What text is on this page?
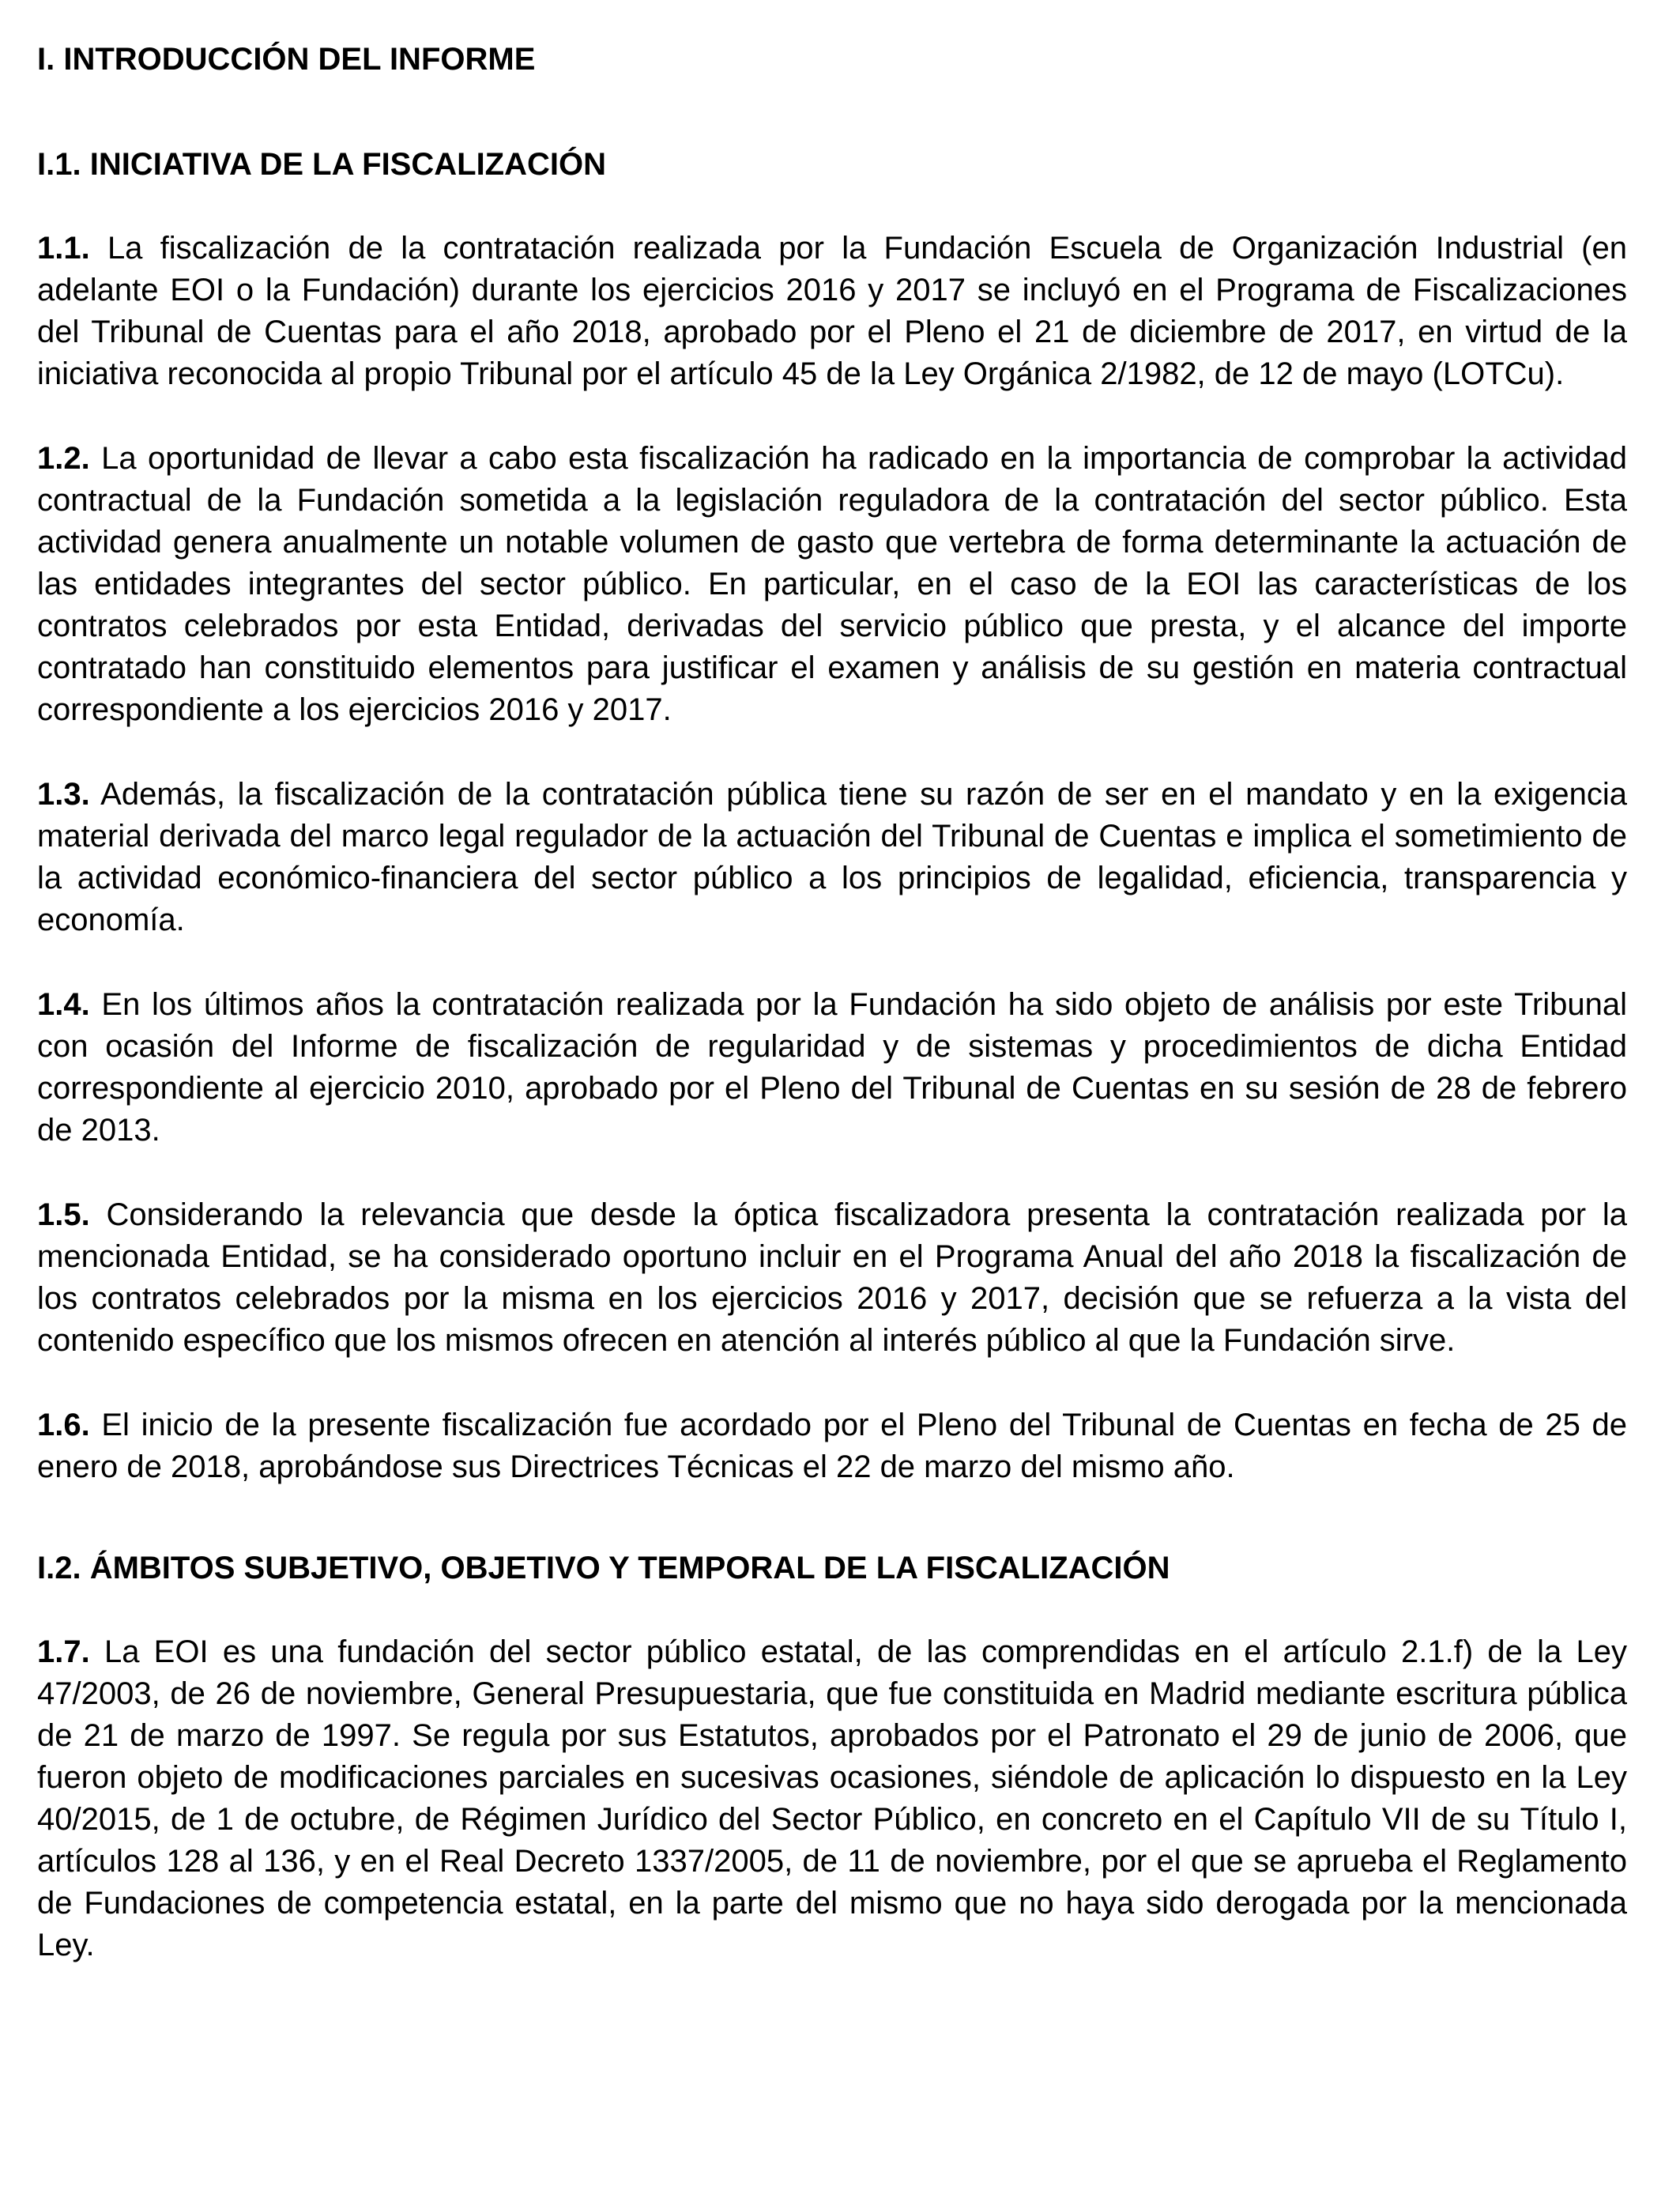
I. INTRODUCCIÓN DEL INFORME
I.1. INICIATIVA DE LA FISCALIZACIÓN

1.1. La fiscalización de la contratación realizada por la Fundación Escuela de Organización Industrial (en adelante EOI o la Fundación) durante los ejercicios 2016 y 2017 se incluyó en el Programa de Fiscalizaciones del Tribunal de Cuentas para el año 2018, aprobado por el Pleno el 21 de diciembre de 2017, en virtud de la iniciativa reconocida al propio Tribunal por el artículo 45 de la Ley Orgánica 2/1982, de 12 de mayo (LOTCu).

1.2. La oportunidad de llevar a cabo esta fiscalización ha radicado en la importancia de comprobar la actividad contractual de la Fundación sometida a la legislación reguladora de la contratación del sector público. Esta actividad genera anualmente un notable volumen de gasto que vertebra de forma determinante la actuación de las entidades integrantes del sector público. En particular, en el caso de la EOI las características de los contratos celebrados por esta Entidad, derivadas del servicio público que presta, y el alcance del importe contratado han constituido elementos para justificar el examen y análisis de su gestión en materia contractual correspondiente a los ejercicios 2016 y 2017.

1.3. Además, la fiscalización de la contratación pública tiene su razón de ser en el mandato y en la exigencia material derivada del marco legal regulador de la actuación del Tribunal de Cuentas e implica el sometimiento de la actividad económico-financiera del sector público a los principios de legalidad, eficiencia, transparencia y economía.

1.4. En los últimos años la contratación realizada por la Fundación ha sido objeto de análisis por este Tribunal con ocasión del Informe de fiscalización de regularidad y de sistemas y procedimientos de dicha Entidad correspondiente al ejercicio 2010, aprobado por el Pleno del Tribunal de Cuentas en su sesión de 28 de febrero de 2013.

1.5. Considerando la relevancia que desde la óptica fiscalizadora presenta la contratación realizada por la mencionada Entidad, se ha considerado oportuno incluir en el Programa Anual del año 2018 la fiscalización de los contratos celebrados por la misma en los ejercicios 2016 y 2017, decisión que se refuerza a la vista del contenido específico que los mismos ofrecen en atención al interés público al que la Fundación sirve.

1.6. El inicio de la presente fiscalización fue acordado por el Pleno del Tribunal de Cuentas en fecha de 25 de enero de 2018, aprobándose sus Directrices Técnicas el 22 de marzo del mismo año.

I.2. ÁMBITOS SUBJETIVO, OBJETIVO Y TEMPORAL DE LA FISCALIZACIÓN

1.7. La EOI es una fundación del sector público estatal, de las comprendidas en el artículo 2.1.f) de la Ley 47/2003, de 26 de noviembre, General Presupuestaria, que fue constituida en Madrid mediante escritura pública de 21 de marzo de 1997. Se regula por sus Estatutos, aprobados por el Patronato el 29 de junio de 2006, que fueron objeto de modificaciones parciales en sucesivas ocasiones, siéndole de aplicación lo dispuesto en la Ley 40/2015, de 1 de octubre, de Régimen Jurídico del Sector Público, en concreto en el Capítulo VII de su Título I, artículos 128 al 136, y en el Real Decreto 1337/2005, de 11 de noviembre, por el que se aprueba el Reglamento de Fundaciones de competencia estatal, en la parte del mismo que no haya sido derogada por la mencionada Ley.
